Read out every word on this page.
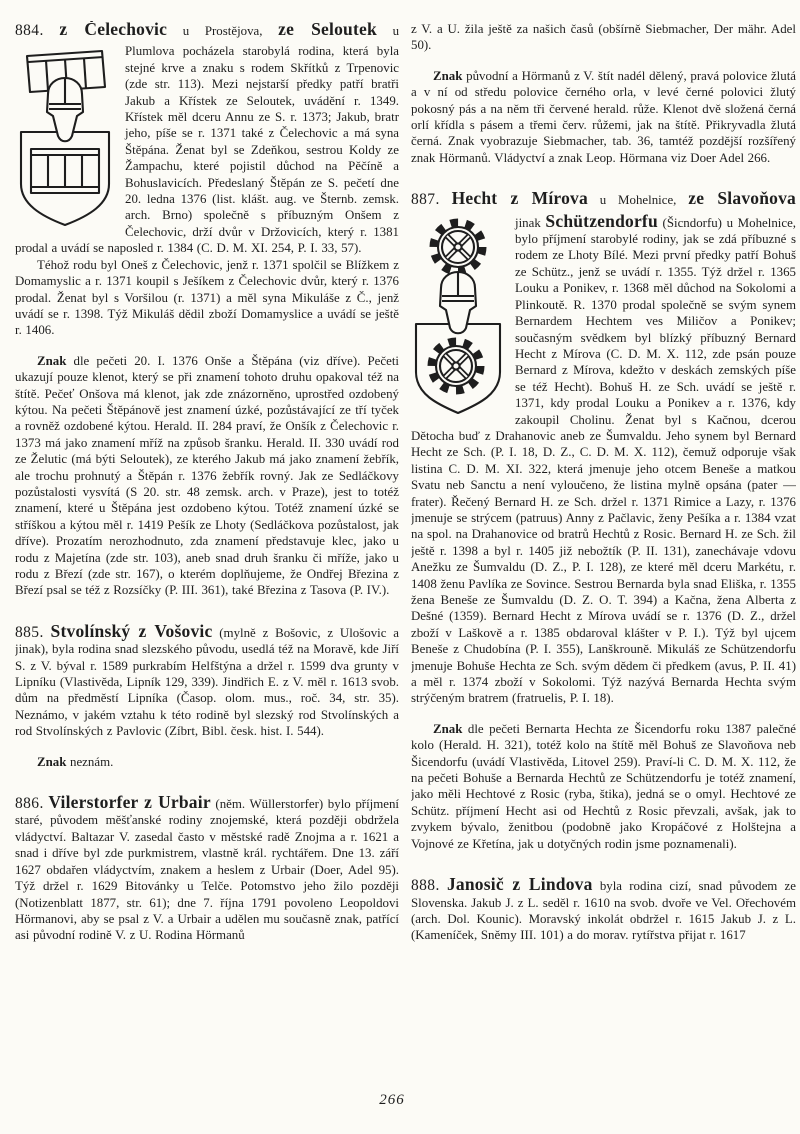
884. z Čelechovic u Prostějova, ze Seloutek u

Plumlova pocházela starobylá rodina, která byla stejné krve a znaku s rodem Skřítků z Trpenovic (zde str. 113). Mezi nejstarší předky patří bratři Jakub a Křístek ze Seloutek, uvádění r. 1349. Křístek měl dceru Annu ze S. r. 1373; Jakub, bratr jeho, píše se r. 1371 také z Čelechovic a má syna Štěpána. Ženat byl se Zdeňkou, sestrou Koldy ze Žampachu, které pojistil důchod na Pěčíně a Bohuslavicích. Předeslaný Štěpán ze S. pečetí dne 20. ledna 1376 (list. klášt. aug. ve Šternb. zemsk. arch. Brno) společně s příbuzným Onšem z Čelechovic, drží dvůr v Držovicích, který r. 1381 prodal a uvádí se naposled r. 1384 (C. D. M. XI. 254, P. I. 33, 57).

Téhož rodu byl Oneš z Čelechovic, jenž r. 1371 spolčil se Blížkem z Domamyslic a r. 1371 koupil s Ješíkem z Čelechovic dvůr, který r. 1376 prodal. Ženat byl s Voršilou (r. 1371) a měl syna Mikuláše z Č., jenž uvádí se r. 1398. Týž Mikuláš dědil zboží Domamyslice a uvádí se ještě r. 1406.

Znak dle pečeti 20. I. 1376 Onše a Štěpána (viz dříve). Pečeti ukazují pouze klenot, který se při znamení tohoto druhu opakoval též na štítě. Pečeť Onšova má klenot, jak zde znázorněno, uprostřed ozdobený kýtou. Na pečeti Štěpánově jest znamení úzké, pozůstávající ze tří tyček a rovněž ozdobené kýtou. Herald. II. 284 praví, že Onšík z Čelechovic r. 1373 má jako znamení mříž na způsob šranku. Herald. II. 330 uvádí rod ze Želutic (má býti Seloutek), ze kterého Jakub má jako znamení žebřík, ale trochu prohnutý a Štěpán r. 1376 žebřík rovný. Jak ze Sedláčkovy pozůstalosti vysvítá (S 20. str. 48 zemsk. arch. v Praze), jest to totéž znamení, které u Štěpána jest ozdobeno kýtou. Totéž znamení úzké se stříškou a kýtou měl r. 1419 Pešík ze Lhoty (Sedláčkova pozůstalost, jak dříve). Prozatím nerozhodnuto, zda znamení představuje klec, jako u rodu z Majetína (zde str. 103), aneb snad druh šranku či mříže, jako u rodu z Březí (zde str. 167), o kterém doplňujeme, že Ondřej Březina z Březí psal se též z Rozsíčky (P. III. 361), také Březina z Tasova (P. IV.).

885. Stvolínský z Vošovic (mylně z Bošovic, z Ulošovic a jinak), byla rodina snad slezského původu, usedlá též na Moravě, kde Jiří S. z V. býval r. 1589 purkrabím Helfštýna a držel r. 1599 dva grunty v Lipníku (Vlastivěda, Lipník 129, 339). Jindřich E. z V. měl r. 1613 svob. dům na předměstí Lipníka (Časop. olom. mus., roč. 34, str. 35). Neznámo, v jakém vztahu k této rodině byl slezský rod Stvolínských a rod Stvolínských z Pavlovic (Zíbrt, Bibl. česk. hist. I. 544).

Znak neznám.

886. Vilerstorfer z Urbair (něm. Wüllerstorfer) bylo příjmení staré, původem měšťanské rodiny znojemské, která později obdržela vládyctví. Baltazar V. zasedal často v městské radě Znojma a r. 1621 a snad i dříve byl zde purkmistrem, vlastně král. rychtářem. Dne 13. září 1627 obdařen vládyctvím, znakem a heslem z Urbair (Doer, Adel 95). Týž držel r. 1629 Bitovánky u Telče. Potomstvo jeho žilo později (Notizenblatt 1877, str. 61); dne 7. října 1791 povoleno Leopoldovi Hörmanovi, aby se psal z V. a Urbair a udělen mu současně znak, patřící asi původní rodině V. z U. Rodina Hörmanů

z V. a U. žila ještě za našich časů (obšírně Siebmacher, Der mähr. Adel 50).

Znak původní a Hörmanů z V. štít nadél dělený, pravá polovice žlutá a v ní od středu polovice černého orla, v levé černé polovici žlutý pokosný pás a na něm tři červené herald. růže. Klenot dvě složená černá orlí křídla s pásem a třemi červ. růžemi, jak na štítě. Přikryvadla žlutá černá. Znak vyobrazuje Siebmacher, tab. 36, tamtéž pozdější rozšířený znak Hörmanů. Vládyctví a znak Leop. Hörmana viz Doer Adel 266.

887. Hecht z Mírova u Mohelnice, ze Slavoňova

jinak Schützendorfu (Šicndorfu) u Mohelnice, bylo příjmení starobylé rodiny, jak se zdá příbuzné s rodem ze Lhoty Bílé. Mezi první předky patří Bohuš ze Schütz., jenž se uvádí r. 1355. Týž držel r. 1365 Louku a Ponikev, r. 1368 měl důchod na Sokolomi a Plinkoutě. R. 1370 prodal společně se svým synem Bernardem Hechtem ves Miličov a Ponikev; současným svědkem byl blízký příbuzný Bernard Hecht z Mírova (C. D. M. X. 112, zde psán pouze Bernard z Mírova, kdežto v deskách zemských píše se též Hecht). Bohuš H. ze Sch. uvádí se ještě r. 1371, kdy prodal Louku a Ponikev a r. 1376, kdy zakoupil Cholinu. Ženat byl s Kačnou, dcerou Dětocha buď z Drahanovic aneb ze Šumvaldu. Jeho synem byl Bernard Hecht ze Sch. (P. I. 18, D. Z., C. D. M. X. 112), čemuž odporuje však listina C. D. M. XI. 322, která jmenuje jeho otcem Beneše a matkou Svatu neb Sanctu a není vyloučeno, že listina mylně opsána (pater — frater). Řečený Bernard H. ze Sch. držel r. 1371 Rimice a Lazy, r. 1376 jmenuje se strýcem (patruus) Anny z Pačlavic, ženy Pešíka a r. 1384 vzat na spol. na Drahanovice od bratrů Hechtů z Rosic. Bernard H. ze Sch. žil ještě r. 1398 a byl r. 1405 již nebožtík (P. II. 131), zanechávaje vdovu Anežku ze Šumvaldu (D. Z., P. I. 128), ze které měl dceru Markétu, r. 1408 ženu Pavlíka ze Sovince. Sestrou Bernarda byla snad Eliška, r. 1355 žena Beneše ze Šumvaldu (D. Z. O. T. 394) a Kačna, žena Alberta z Dešné (1359). Bernard Hecht z Mírova uvádí se r. 1376 (D. Z., držel zboží v Laškově a r. 1385 obdaroval klášter v P. I.). Týž byl ujcem Beneše z Chudobína (P. I. 355), Lanškrouně. Mikuláš ze Schützendorfu jmenuje Bohuše Hechta ze Sch. svým dědem či předkem (avus, P. II. 41) a měl r. 1374 zboží v Sokolomi. Týž nazývá Bernarda Hechta svým strýčeným bratrem (fratruelis, P. I. 18).

Znak dle pečeti Bernarta Hechta ze Šicendorfu roku 1387 palečné kolo (Herald. H. 321), totéž kolo na štítě měl Bohuš ze Slavoňova neb Šicendorfu (uvádí Vlastivěda, Litovel 259). Praví-li C. D. M. X. 112, že na pečeti Bohuše a Bernarda Hechtů ze Schützendorfu je totéž znamení, jako měli Hechtové z Rosic (ryba, štika), jedná se o omyl. Hechtové ze Schütz. příjmení Hecht asi od Hechtů z Rosic převzali, avšak, jak to zvykem bývalo, ženitbou (podobně jako Kropáčové z Holštejna a Vojnové ze Křetína, jak u dotyčných rodin jsme poznamenali).

888. Janosič z Lindova byla rodina cizí, snad původem ze Slovenska. Jakub J. z L. seděl r. 1610 na svob. dvoře ve Vel. Ořechovém (arch. Dol. Kounic). Moravský inkolát obdržel r. 1615 Jakub J. z L. (Kameníček, Sněmy III. 101) a do morav. rytířstva přijat r. 1617

266
